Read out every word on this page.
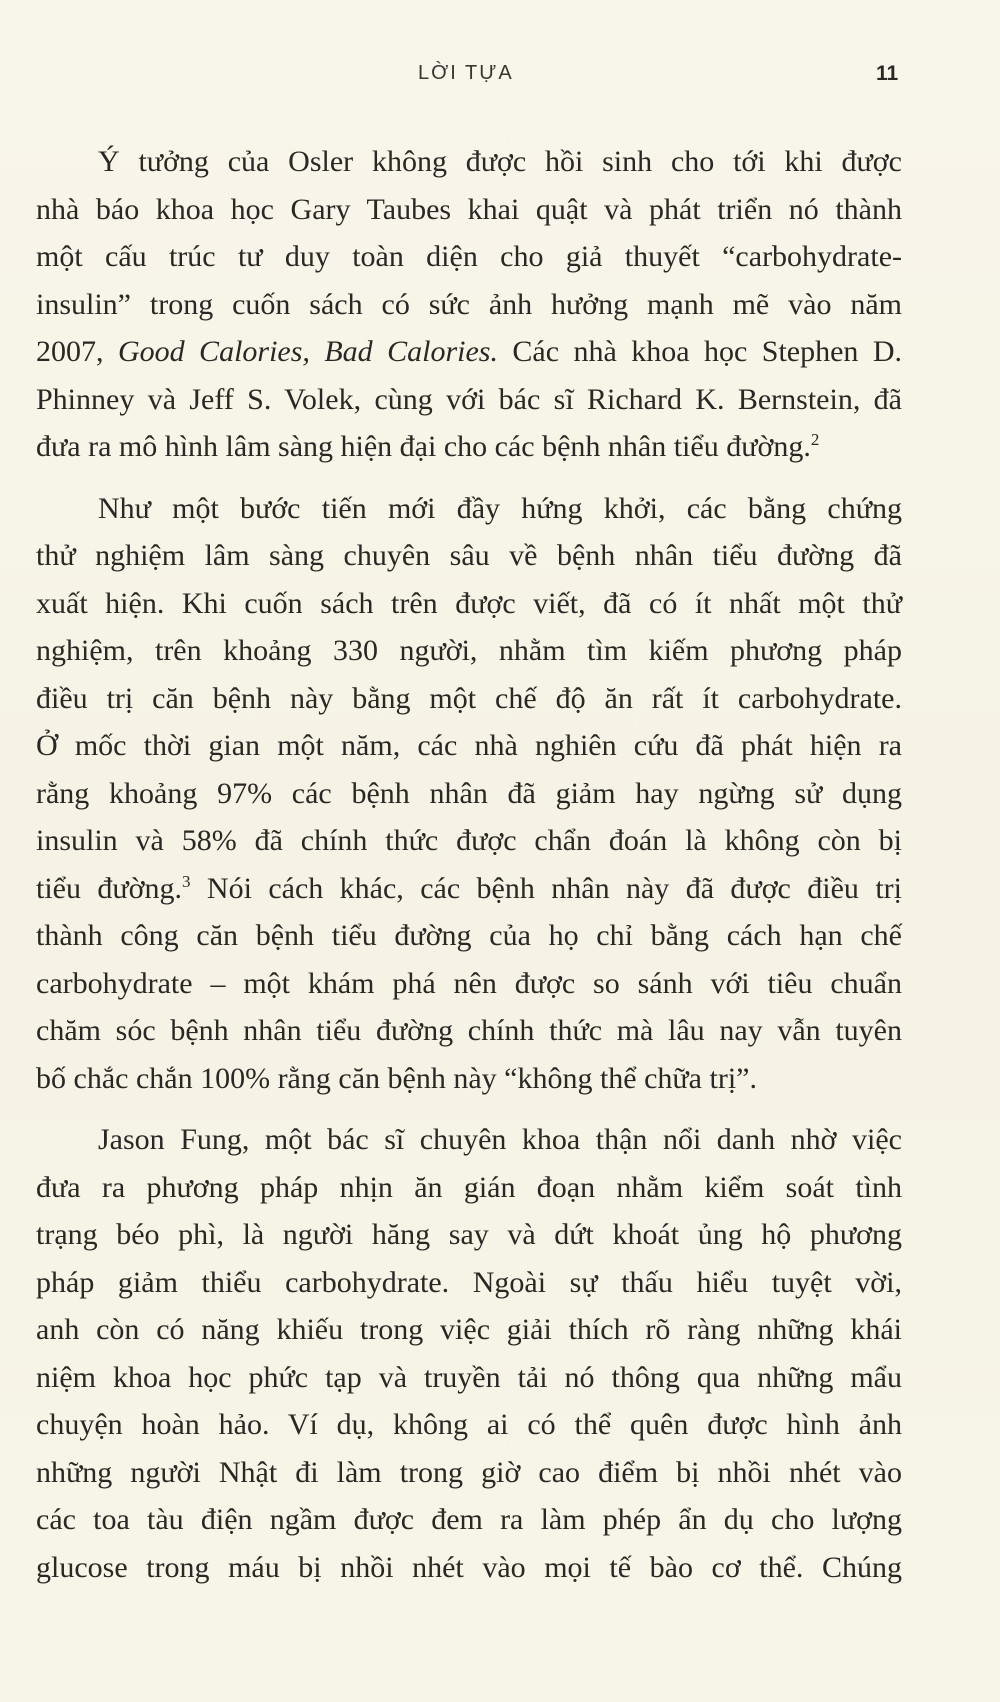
LỜI TỰA	11

Ý tưởng của Osler không được hồi sinh cho tới khi được
nhà báo khoa học Gary Taubes khai quật và phát triển nó thành
một cấu trúc tư duy toàn diện cho giả thuyết “carbohydrate-
insulin” trong cuốn sách có sức ảnh hưởng mạnh mẽ vào năm
2007, Good Calories, Bad Calories. Các nhà khoa học Stephen D.
Phinney và Jeff S. Volek, cùng với bác sĩ Richard K. Bernstein, đã
đưa ra mô hình lâm sàng hiện đại cho các bệnh nhân tiểu đường.$^2$

Như một bước tiến mới đầy hứng khởi, các bằng chứng
thử nghiệm lâm sàng chuyên sâu về bệnh nhân tiểu đường đã
xuất hiện. Khi cuốn sách trên được viết, đã có ít nhất một thử
nghiệm, trên khoảng 330 người, nhằm tìm kiếm phương pháp
điều trị căn bệnh này bằng một chế độ ăn rất ít carbohydrate.
Ở mốc thời gian một năm, các nhà nghiên cứu đã phát hiện ra
rằng khoảng 97% các bệnh nhân đã giảm hay ngừng sử dụng
insulin và 58% đã chính thức được chẩn đoán là không còn bị
tiểu đường.$^3$ Nói cách khác, các bệnh nhân này đã được điều trị
thành công căn bệnh tiểu đường của họ chỉ bằng cách hạn chế
carbohydrate – một khám phá nên được so sánh với tiêu chuẩn
chăm sóc bệnh nhân tiểu đường chính thức mà lâu nay vẫn tuyên
bố chắc chắn 100% rằng căn bệnh này “không thể chữa trị”.

Jason Fung, một bác sĩ chuyên khoa thận nổi danh nhờ việc
đưa ra phương pháp nhịn ăn gián đoạn nhằm kiểm soát tình
trạng béo phì, là người hăng say và dứt khoát ủng hộ phương
pháp giảm thiểu carbohydrate. Ngoài sự thấu hiểu tuyệt vời,
anh còn có năng khiếu trong việc giải thích rõ ràng những khái
niệm khoa học phức tạp và truyền tải nó thông qua những mẩu
chuyện hoàn hảo. Ví dụ, không ai có thể quên được hình ảnh
những người Nhật đi làm trong giờ cao điểm bị nhồi nhét vào
các toa tàu điện ngầm được đem ra làm phép ẩn dụ cho lượng
glucose trong máu bị nhồi nhét vào mọi tế bào cơ thể. Chúng
